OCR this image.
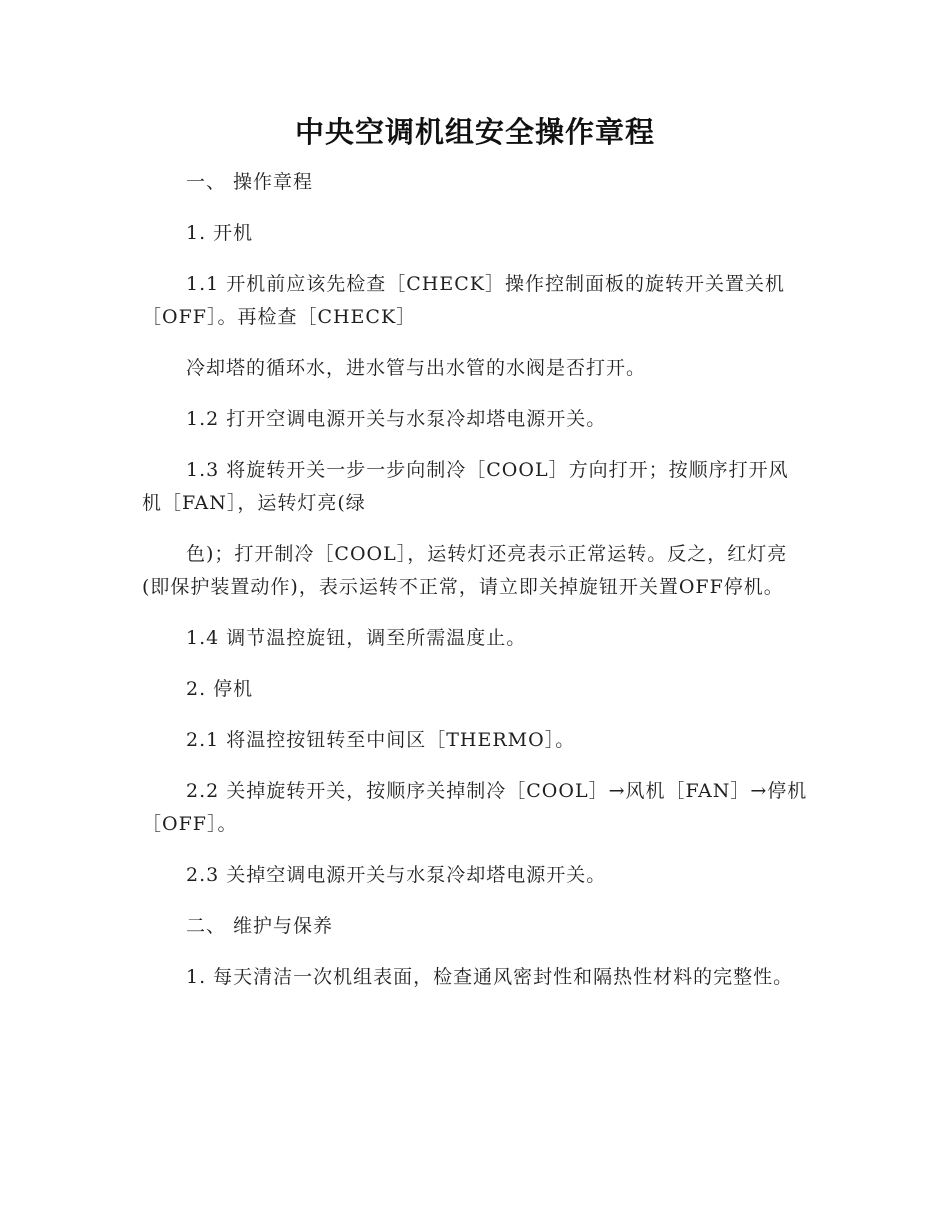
中央空调机组安全操作章程

一、 操作章程

1. 开机

1.1 开机前应该先检查［CHECK］操作控制面板的旋转开关置关机［OFF］。再检查［CHECK］

冷却塔的循环水，进水管与出水管的水阀是否打开。

1.2 打开空调电源开关与水泵冷却塔电源开关。

1.3 将旋转开关一步一步向制冷［COOL］方向打开；按顺序打开风机［FAN］，运转灯亮(绿

色)；打开制冷［COOL］，运转灯还亮表示正常运转。反之，红灯亮(即保护装置动作)，表示运转不正常，请立即关掉旋钮开关置OFF停机。

1.4 调节温控旋钮，调至所需温度止。

2. 停机

2.1 将温控按钮转至中间区［THERMO］。

2.2 关掉旋转开关，按顺序关掉制冷［COOL］→风机［FAN］→停机［OFF］。

2.3 关掉空调电源开关与水泵冷却塔电源开关。

二、 维护与保养

1. 每天清洁一次机组表面，检查通风密封性和隔热性材料的完整性。
